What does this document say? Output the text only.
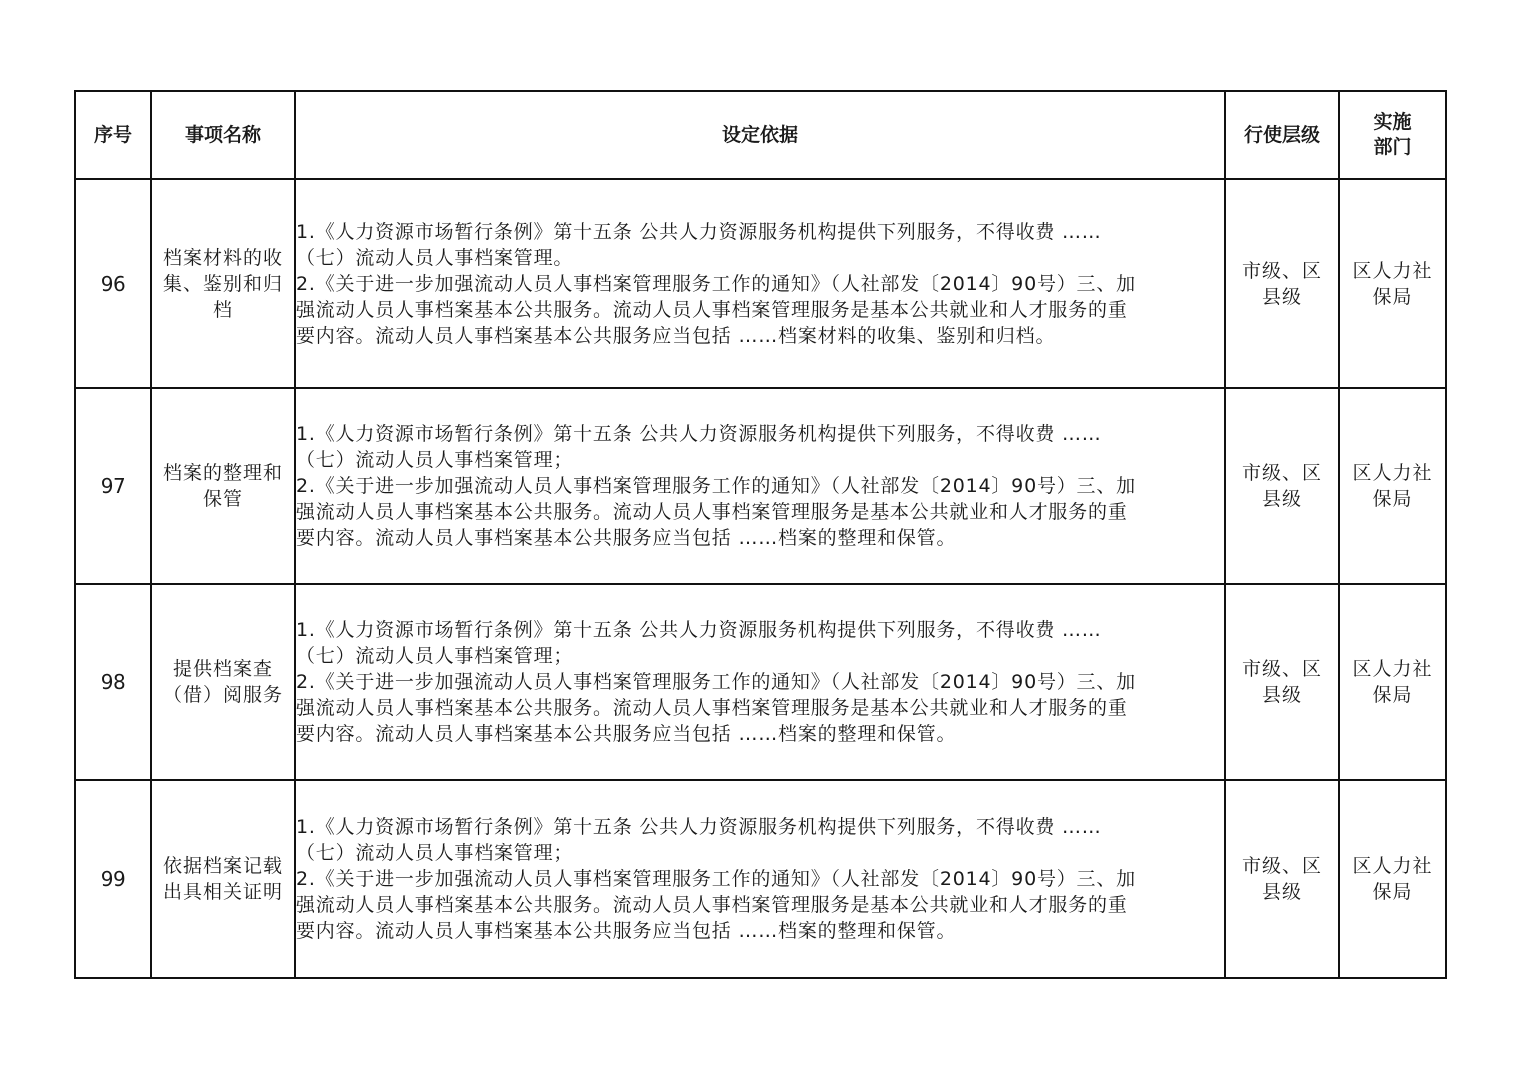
序号	事项名称	设定依据	行使层级	实施
部门

96	档案材料的收
集、鉴别和归
档	1.《人力资源市场暂行条例》第十五条 公共人力资源服务机构提供下列服务，不得收费 ……
（七）流动人员人事档案管理。
2.《关于进一步加强流动人员人事档案管理服务工作的通知》（人社部发〔2014〕90号）三、加
强流动人员人事档案基本公共服务。流动人员人事档案管理服务是基本公共就业和人才服务的重
要内容。流动人员人事档案基本公共服务应当包括 ……档案材料的收集、鉴别和归档。	市级、区
县级	区人力社
保局

97	档案的整理和
保管	1.《人力资源市场暂行条例》第十五条 公共人力资源服务机构提供下列服务，不得收费 ……
（七）流动人员人事档案管理；
2.《关于进一步加强流动人员人事档案管理服务工作的通知》（人社部发〔2014〕90号）三、加
强流动人员人事档案基本公共服务。流动人员人事档案管理服务是基本公共就业和人才服务的重
要内容。流动人员人事档案基本公共服务应当包括 ……档案的整理和保管。	市级、区
县级	区人力社
保局

98	提供档案查
（借）阅服务	1.《人力资源市场暂行条例》第十五条 公共人力资源服务机构提供下列服务，不得收费 ……
（七）流动人员人事档案管理；
2.《关于进一步加强流动人员人事档案管理服务工作的通知》（人社部发〔2014〕90号）三、加
强流动人员人事档案基本公共服务。流动人员人事档案管理服务是基本公共就业和人才服务的重
要内容。流动人员人事档案基本公共服务应当包括 ……档案的整理和保管。	市级、区
县级	区人力社
保局

99	依据档案记载
出具相关证明	1.《人力资源市场暂行条例》第十五条 公共人力资源服务机构提供下列服务，不得收费 ……
（七）流动人员人事档案管理；
2.《关于进一步加强流动人员人事档案管理服务工作的通知》（人社部发〔2014〕90号）三、加
强流动人员人事档案基本公共服务。流动人员人事档案管理服务是基本公共就业和人才服务的重
要内容。流动人员人事档案基本公共服务应当包括 ……档案的整理和保管。	市级、区
县级	区人力社
保局
